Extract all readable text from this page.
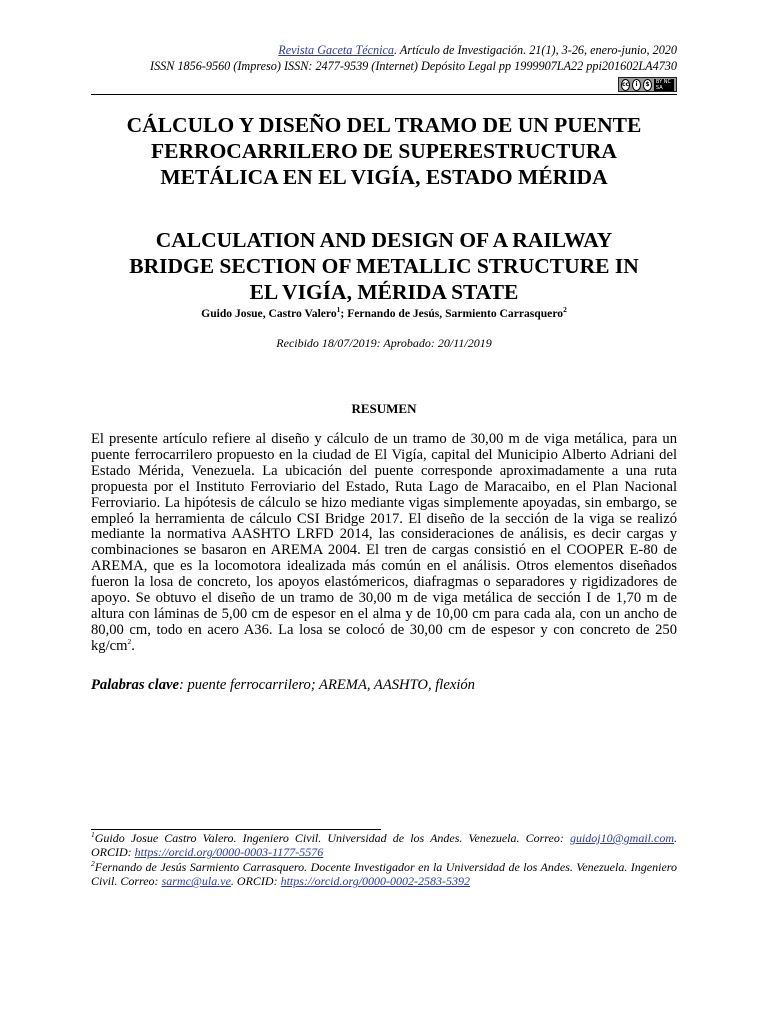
Revista Gaceta Técnica. Artículo de Investigación. 21(1), 3-26, enero-junio, 2020
ISSN 1856-9560 (Impreso) ISSN: 2477-9539 (Internet) Depósito Legal pp 1999907LA22 ppi201602LA4730
cc	i	$	BY NC SA
CÁLCULO Y DISEÑO DEL TRAMO DE UN PUENTE
FERROCARRILERO DE SUPERESTRUCTURA
METÁLICA EN EL VIGÍA, ESTADO MÉRIDA
CALCULATION AND DESIGN OF A RAILWAY
BRIDGE SECTION OF METALLIC STRUCTURE IN
EL VIGÍA, MÉRIDA STATE
Guido Josue, Castro Valero$^1$; Fernando de Jesús, Sarmiento Carrasquero$^2$
Recibido 18/07/2019: Aprobado: 20/11/2019
RESUMEN

El presente artículo refiere al diseño y cálculo de un tramo de 30,00 m de viga metálica, para un puente ferrocarrilero propuesto en la ciudad de El Vigía, capital del Municipio Alberto Adriani del Estado Mérida, Venezuela. La ubicación del puente corresponde aproximadamente a una ruta propuesta por el Instituto Ferroviario del Estado, Ruta Lago de Maracaibo, en el Plan Nacional Ferroviario. La hipótesis de cálculo se hizo mediante vigas simplemente apoyadas, sin embargo, se empleó la herramienta de cálculo CSI Bridge 2017. El diseño de la sección de la viga se realizó mediante la normativa AASHTO LRFD 2014, las consideraciones de análisis, es decir cargas y combinaciones se basaron en AREMA 2004. El tren de cargas consistió en el COOPER E-80 de AREMA, que es la locomotora idealizada más común en el análisis. Otros elementos diseñados fueron la losa de concreto, los apoyos elastómericos, diafragmas o separadores y rigidizadores de apoyo. Se obtuvo el diseño de un tramo de 30,00 m de viga metálica de sección I de 1,70 m de altura con láminas de 5,00 cm de espesor en el alma y de 10,00 cm para cada ala, con un ancho de 80,00 cm, todo en acero A36. La losa se colocó de 30,00 cm de espesor y con concreto de 250 $kg/cm^2$.

Palabras clave: puente ferrocarrilero; AREMA, AASHTO, flexión

$^1$Guido Josue Castro Valero. Ingeniero Civil. Universidad de los Andes. Venezuela. Correo: guidoj10@gmail.com. ORCID: https://orcid.org/0000-0003-1177-5576

$^2$Fernando de Jesús Sarmiento Carrasquero. Docente Investigador en la Universidad de los Andes. Venezuela. Ingeniero Civil. Correo: sarmc@ula.ve. ORCID: https://orcid.org/0000-0002-2583-5392
